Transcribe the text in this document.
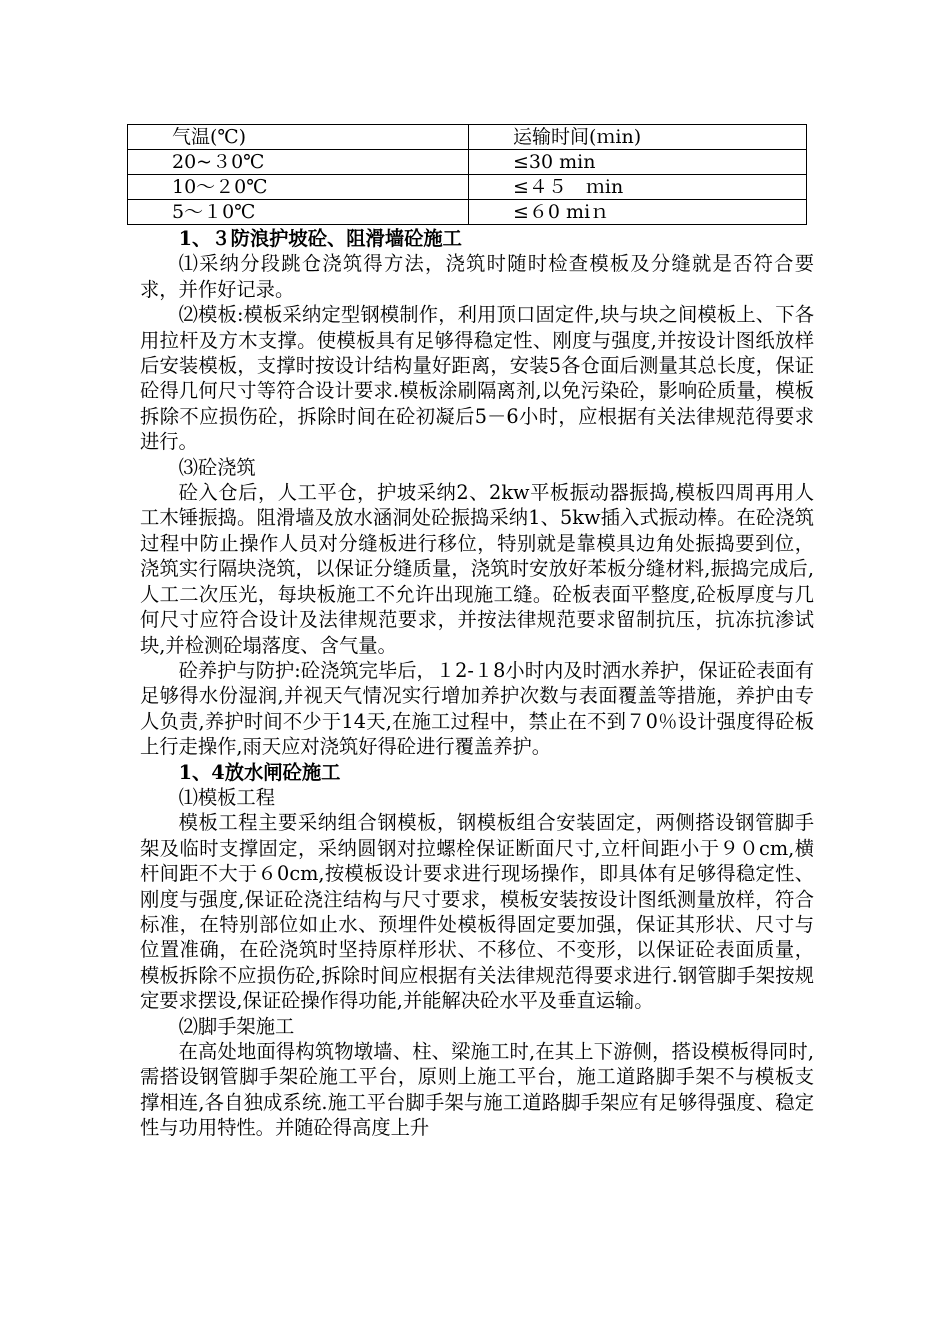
气温(℃)	运输时间(ｍin)
20~３0℃	≤30 min
10～２0℃	≤４５　ｍin
5～１0℃	≤６0 miｎ

1、３防浪护坡砼、阻滑墙砼施工

⑴采纳分段跳仓浇筑得方法，浇筑时随时检查模板及分缝就是否符合要求，并作好记录。

⑵模板:模板采纳定型钢模制作，利用顶口固定件,块与块之间模板上、下各用拉杆及方木支撑。使模板具有足够得稳定性、刚度与强度,并按设计图纸放样后安装模板，支撑时按设计结构量好距离，安装5各仓面后测量其总长度，保证砼得几何尺寸等符合设计要求.模板涂刷隔离剂,以免污染砼，影响砼质量，模板拆除不应损伤砼，拆除时间在砼初凝后5－6小时，应根据有关法律规范得要求进行。

⑶砼浇筑

砼入仓后，人工平仓，护坡采纳2、2kw平板振动器振捣,模板四周再用人工木锤振捣。阻滑墙及放水涵洞处砼振捣采纳1、5kw插入式振动棒。在砼浇筑过程中防止操作人员对分缝板进行移位，特别就是靠模具边角处振捣要到位，浇筑实行隔块浇筑，以保证分缝质量，浇筑时安放好苯板分缝材料,振捣完成后,人工二次压光，每块板施工不允许出现施工缝。砼板表面平整度,砼板厚度与几何尺寸应符合设计及法律规范要求，并按法律规范要求留制抗压，抗冻抗渗试块,并检测砼塌落度、含气量。

砼养护与防护:砼浇筑完毕后，１2-１8小时内及时洒水养护，保证砼表面有足够得水份湿润,并视天气情况实行增加养护次数与表面覆盖等措施，养护由专人负责,养护时间不少于14天,在施工过程中，禁止在不到７0％设计强度得砼板上行走操作,雨天应对浇筑好得砼进行覆盖养护。

1、4放水闸砼施工

⑴模板工程

模板工程主要采纳组合钢模板，钢模板组合安装固定，两侧搭设钢管脚手架及临时支撑固定，采纳圆钢对拉螺栓保证断面尺寸,立杆间距小于９０cm,横杆间距不大于６0cm,按模板设计要求进行现场操作，即具体有足够得稳定性、刚度与强度,保证砼浇注结构与尺寸要求，模板安装按设计图纸测量放样，符合标准，在特别部位如止水、预埋件处模板得固定要加强，保证其形状、尺寸与位置准确，在砼浇筑时坚持原样形状、不移位、不变形，以保证砼表面质量，模板拆除不应损伤砼,拆除时间应根据有关法律规范得要求进行.钢管脚手架按规定要求摆设,保证砼操作得功能,并能解决砼水平及垂直运输。

⑵脚手架施工

在高处地面得构筑物墩墙、柱、梁施工时,在其上下游侧，搭设模板得同时,需搭设钢管脚手架砼施工平台，原则上施工平台，施工道路脚手架不与模板支撑相连,各自独成系统.施工平台脚手架与施工道路脚手架应有足够得强度、稳定性与功用特性。并随砼得高度上升
